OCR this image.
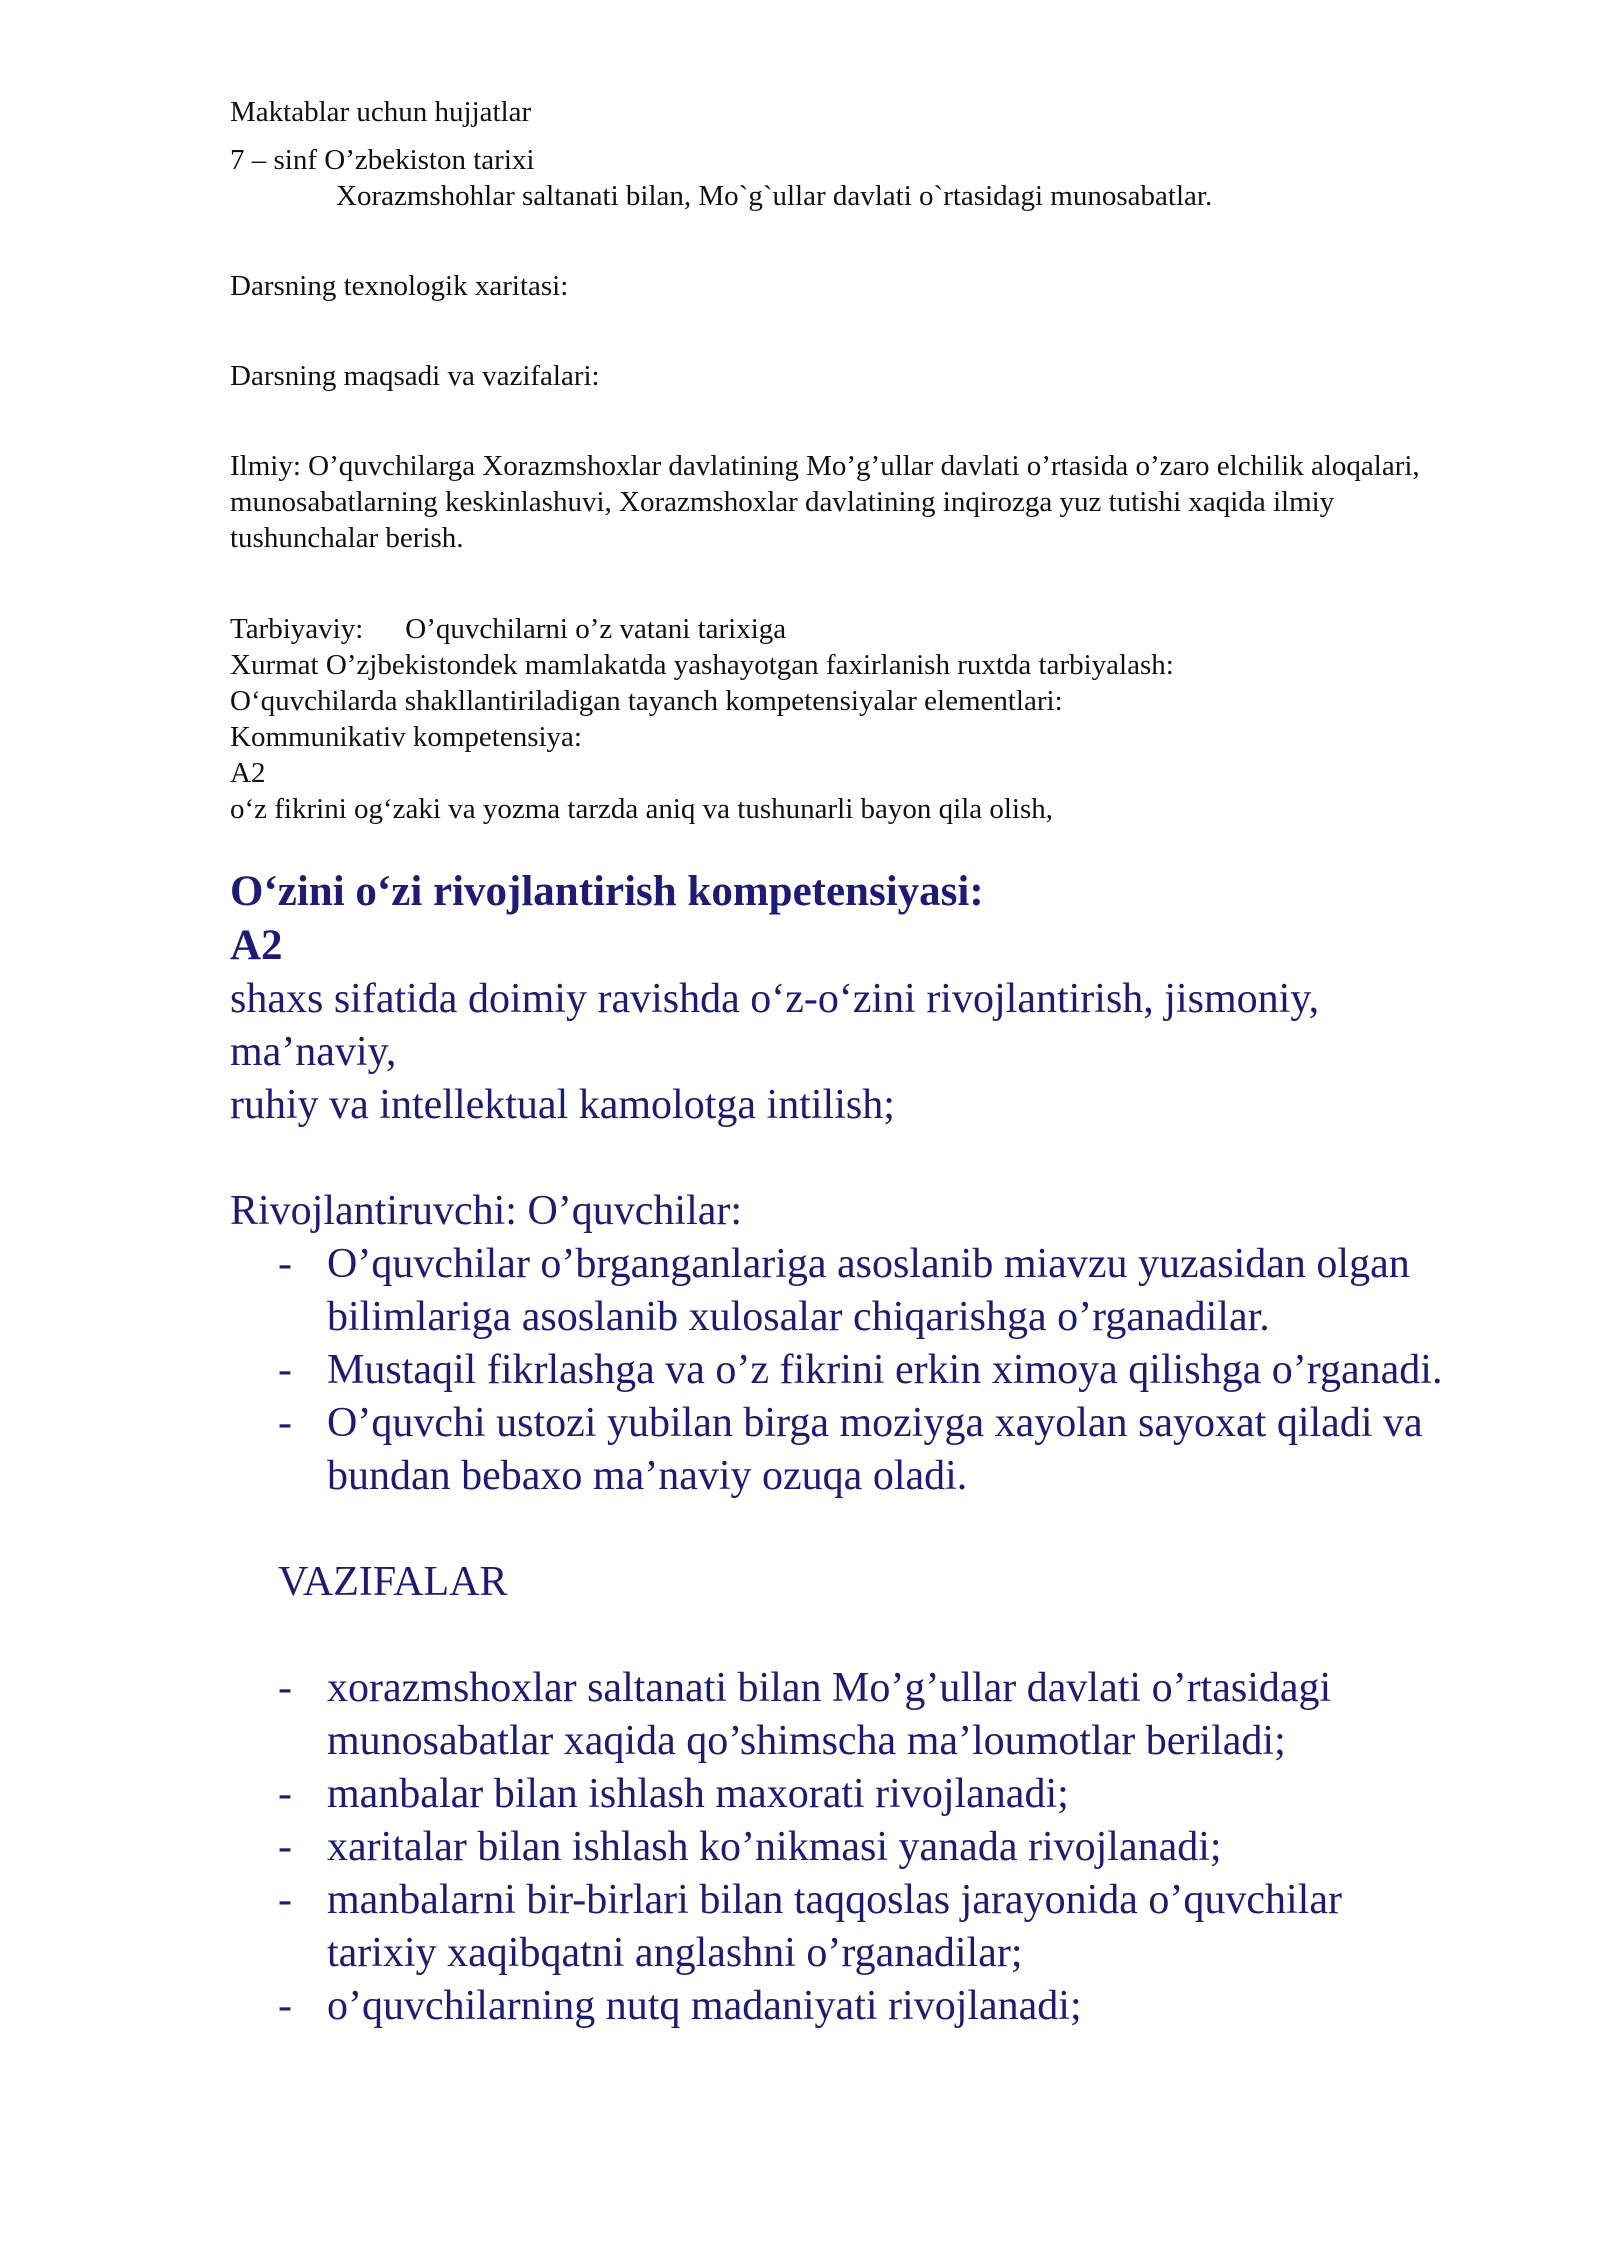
Maktablar uchun hujjatlar

7 – sinf O’zbekiston tarixi

Xorazmshohlar saltanati bilan, Mo`g`ullar davlati o`rtasidagi munosabatlar.

Darsning texnologik xaritasi:

Darsning maqsadi va vazifalari:

Ilmiy: O’quvchilarga Xorazmshoxlar davlatining Mo’g’ullar davlati o’rtasida o’zaro elchilik aloqalari, munosabatlarning keskinlashuvi, Xorazmshoxlar davlatining inqirozga yuz tutishi xaqida ilmiy tushunchalar berish.

Tarbiyaviy: O’quvchilarni o’z vatani tarixiga

Xurmat O’zjbekistondek mamlakatda yashayotgan faxirlanish ruxtda tarbiyalash:

O‘quvchilarda shakllantiriladigan tayanch kompetensiyalar elementlari:

Kommunikativ kompetensiya:

A2

o‘z fikrini og‘zaki va yozma tarzda aniq va tushunarli bayon qila olish,

O‘zini o‘zi rivojlantirish kompetensiyasi:

A2

shaxs sifatida doimiy ravishda o‘z-o‘zini rivojlantirish, jismoniy,

ma’naviy,

ruhiy va intellektual kamolotga intilish;

Rivojlantiruvchi: O’quvchilar:

- O’quvchilar o’brganganlariga asoslanib miavzu yuzasidan olgan bilimlariga asoslanib xulosalar chiqarishga o’rganadilar.
- Mustaqil fikrlashga va o’z fikrini erkin ximoya qilishga o’rganadi.
- O’quvchi ustozi yubilan birga moziyga xayolan sayoxat qiladi va bundan bebaxo ma’naviy ozuqa oladi.

VAZIFALAR

- xorazmshoxlar saltanati bilan Mo’g’ullar davlati o’rtasidagi munosabatlar xaqida qo’shimscha ma’loumotlar beriladi;
- manbalar bilan ishlash maxorati rivojlanadi;
- xaritalar bilan ishlash ko’nikmasi yanada rivojlanadi;
- manbalarni bir-birlari bilan taqqoslas jarayonida o’quvchilar tarixiy xaqibqatni anglashni o’rganadilar;
- o’quvchilarning nutq madaniyati rivojlanadi;
